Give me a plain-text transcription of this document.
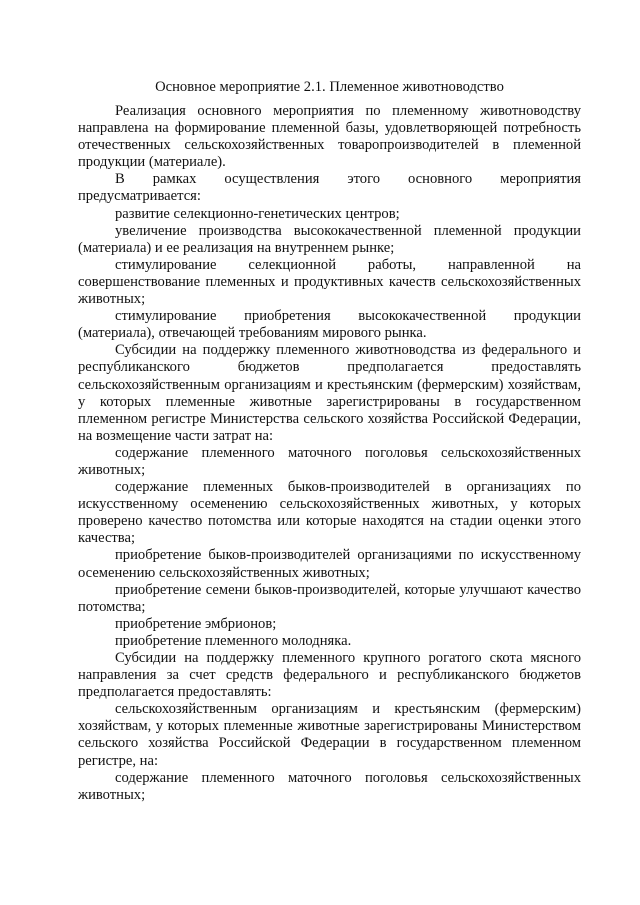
Основное мероприятие 2.1. Племенное животноводство

Реализация основного мероприятия по племенному животноводству направлена на формирование племенной базы, удовлетворяющей потребность отечественных сельскохозяйственных товаропроизводителей в племенной продукции (материале).

В рамках осуществления этого основного мероприятия предусматривается:

развитие селекционно-генетических центров;

увеличение производства высококачественной племенной продукции (материала) и ее реализация на внутреннем рынке;

стимулирование селекционной работы, направленной на совершенствование племенных и продуктивных качеств сельскохозяйственных животных;

стимулирование приобретения высококачественной продукции (материала), отвечающей требованиям мирового рынка.

Субсидии на поддержку племенного животноводства из федерального и республиканского бюджетов предполагается предоставлять сельскохозяйственным организациям и крестьянским (фермерским) хозяйствам, у которых племенные животные зарегистрированы в государственном племенном регистре Министерства сельского хозяйства Российской Федерации, на возмещение части затрат на:

содержание племенного маточного поголовья сельскохозяйственных животных;

содержание племенных быков-производителей в организациях по искусственному осеменению сельскохозяйственных животных, у которых проверено качество потомства или которые находятся на стадии оценки этого качества;

приобретение быков-производителей организациями по искусственному осеменению сельскохозяйственных животных;

приобретение семени быков-производителей, которые улучшают качество потомства;

приобретение эмбрионов;

приобретение племенного молодняка.

Субсидии на поддержку племенного крупного рогатого скота мясного направления за счет средств федерального и республиканского бюджетов предполагается предоставлять:

сельскохозяйственным организациям и крестьянским (фермерским) хозяйствам, у которых племенные животные зарегистрированы Министерством сельского хозяйства Российской Федерации в государственном племенном регистре, на:

содержание племенного маточного поголовья сельскохозяйственных животных;
